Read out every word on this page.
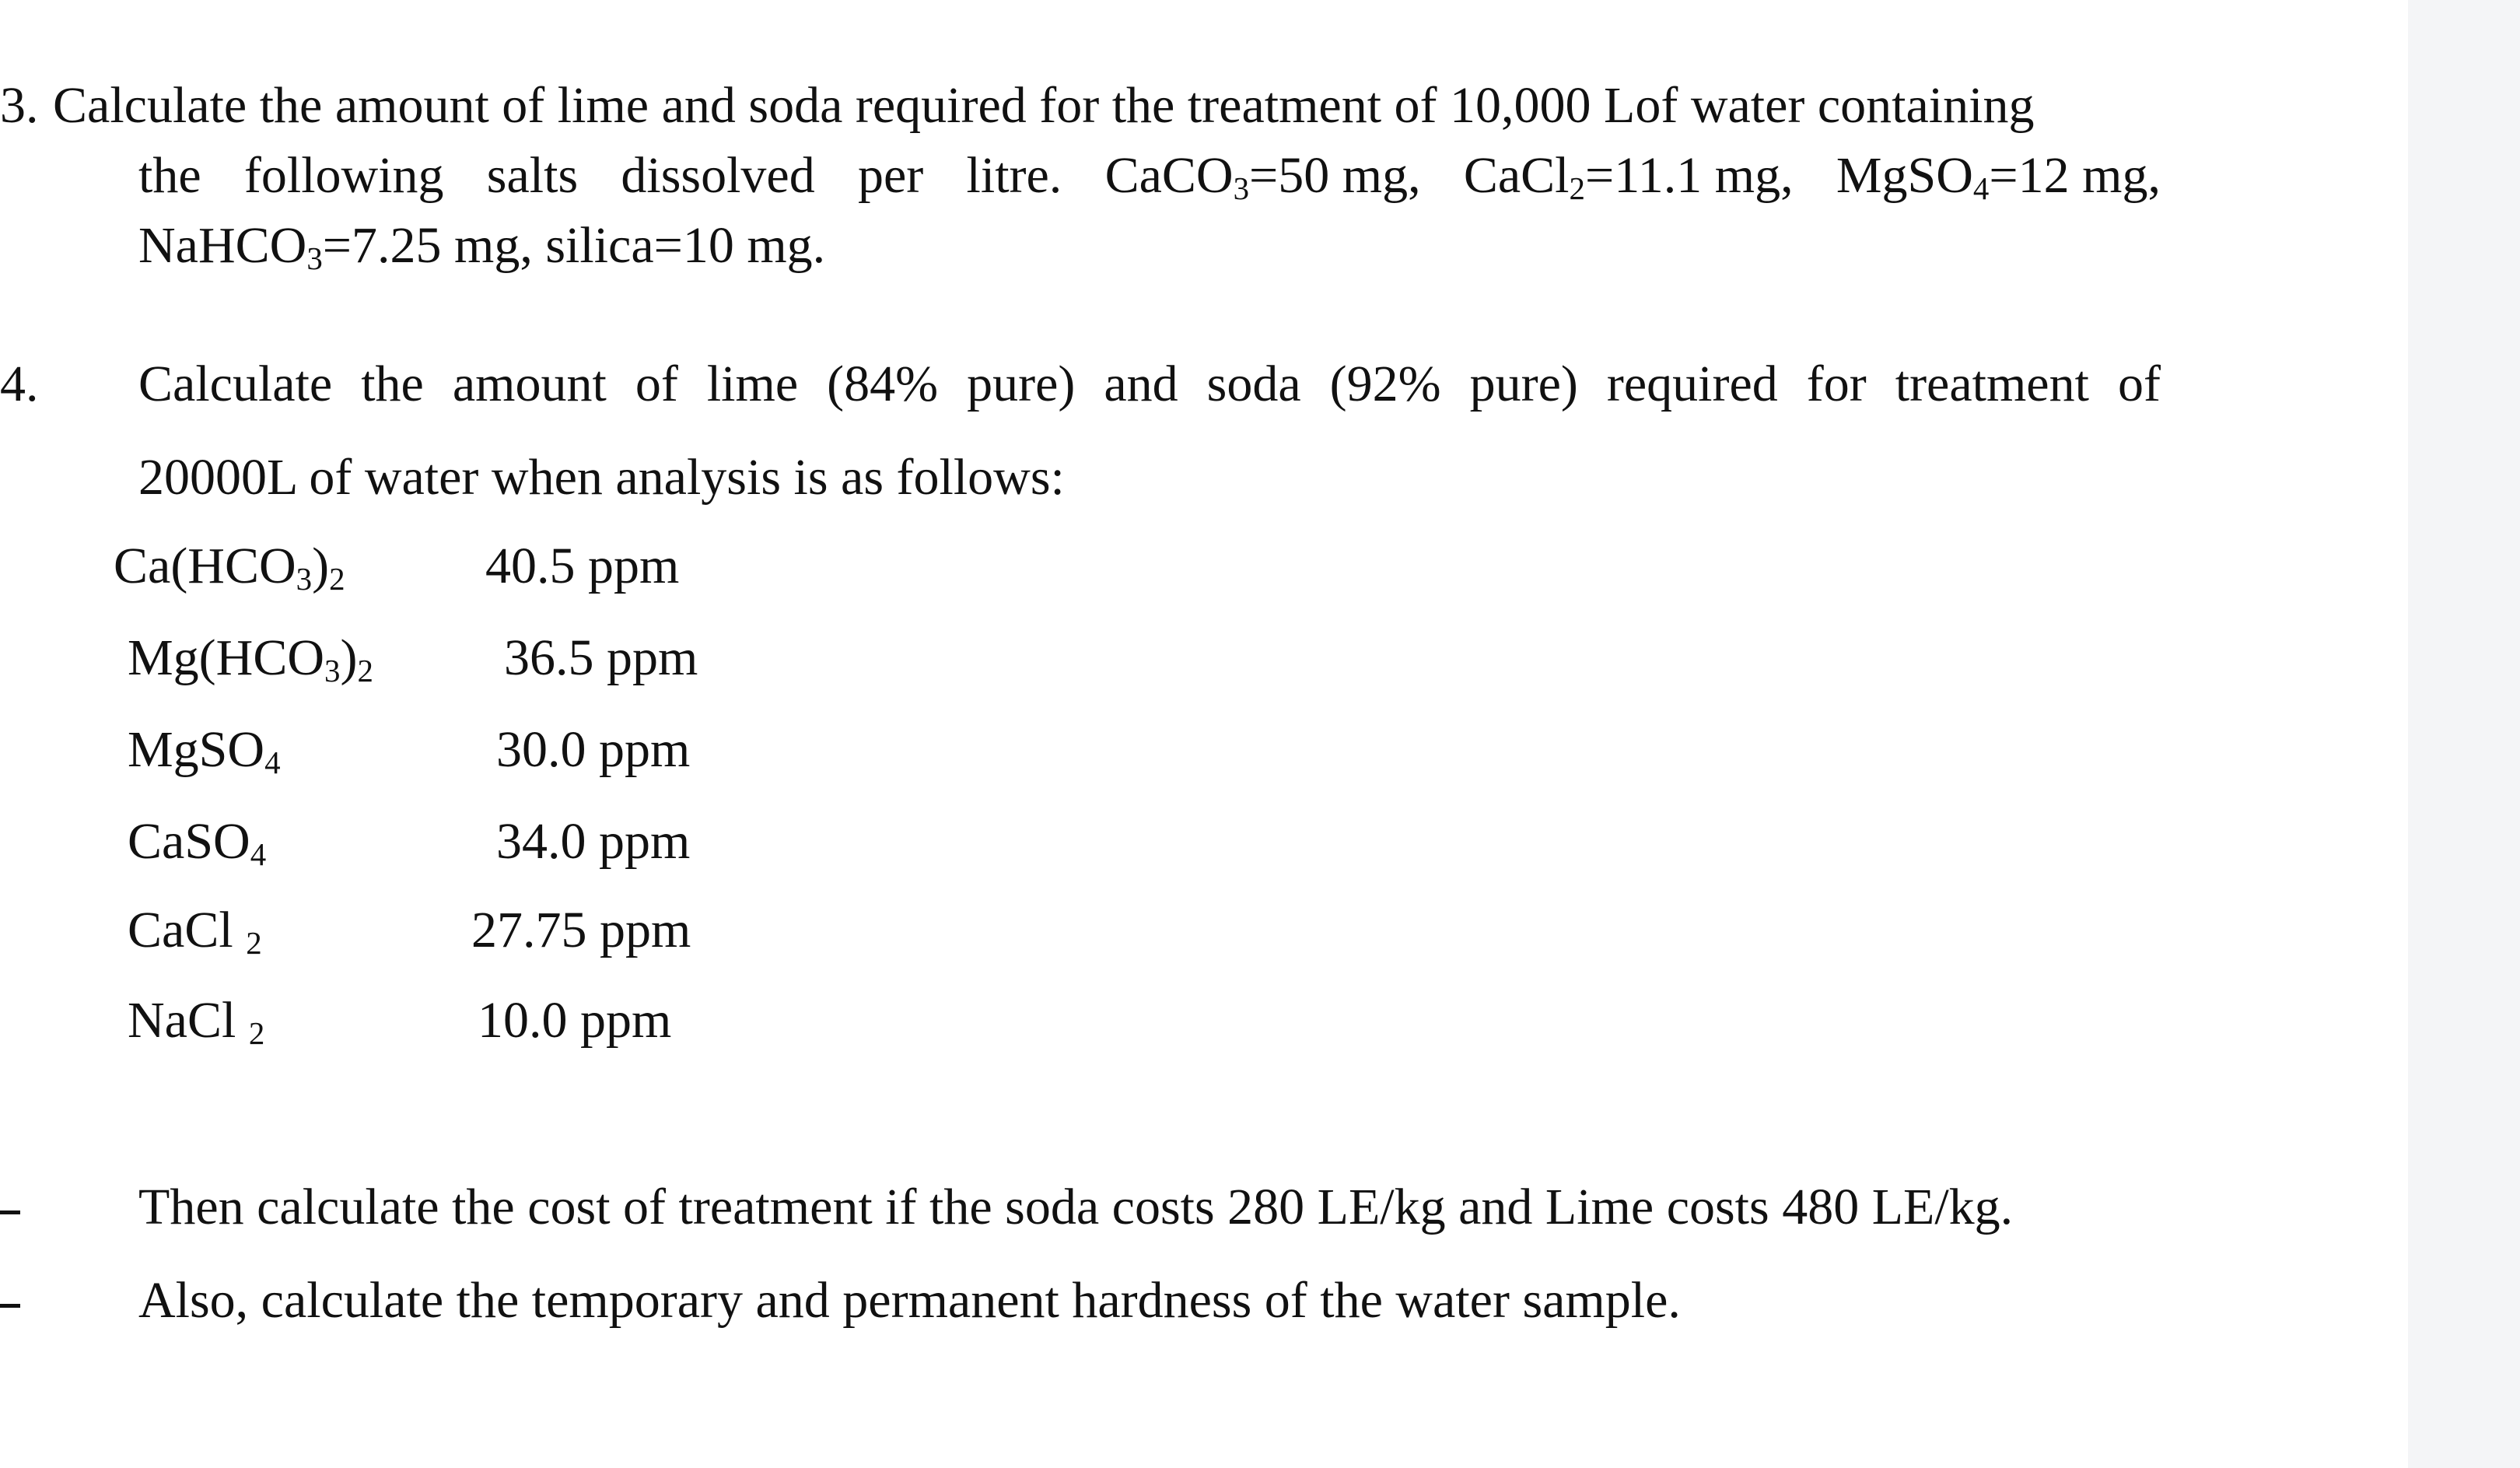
3. Calculate the amount of lime and soda required for the treatment of 10,000 Lof water containing
the following salts dissolved per litre. CaCO$_3$=50 mg, CaCl$_2$=11.1 mg, MgSO$_4$=12 mg,
NaHCO$_3$=7.25 mg, silica=10 mg.
4. Calculate the amount of lime (84% pure) and soda (92% pure) required for treatment of
20000L of water when analysis is as follows:
$Ca(HCO_3)_2$	40.5 ppm
$Mg(HCO_3)_2$	36.5 ppm
MgSO$_4$	30.0 ppm
CaSO$_4$	34.0 ppm
CaCl $_2$	27.75 ppm
NaCl $_2$	10.0 ppm
Then calculate the cost of treatment if the soda costs 280 LE/kg and Lime costs 480 LE/kg.
Also, calculate the temporary and permanent hardness of the water sample.
